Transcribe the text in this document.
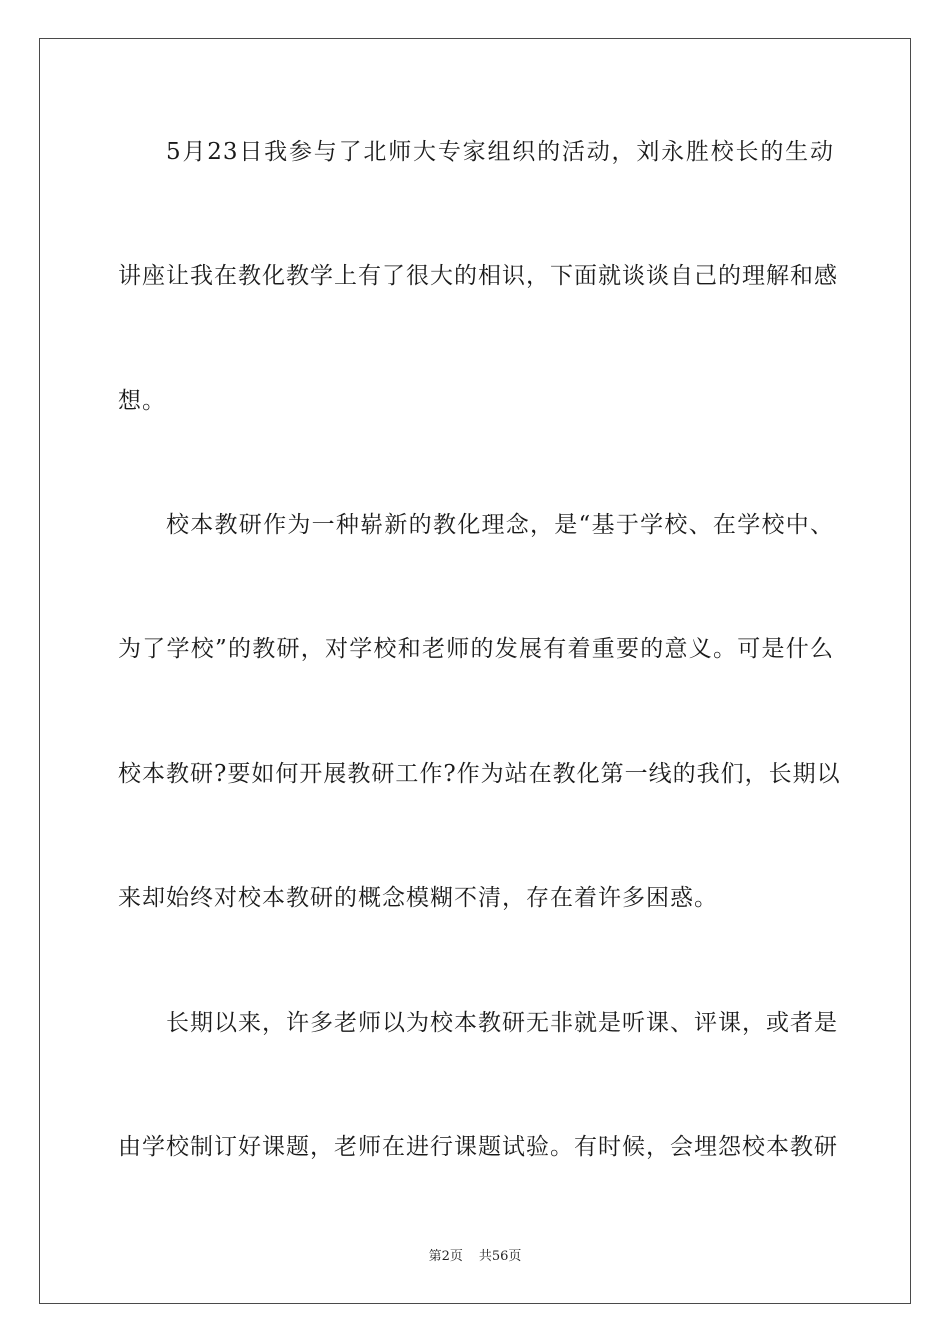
5月23日我参与了北师大专家组织的活动，刘永胜校长的生动
讲座让我在教化教学上有了很大的相识，下面就谈谈自己的理解和感
想。
校本教研作为一种崭新的教化理念，是“基于学校、在学校中、
为了学校”的教研，对学校和老师的发展有着重要的意义。可是什么
校本教研?要如何开展教研工作?作为站在教化第一线的我们，长期以
来却始终对校本教研的概念模糊不清，存在着许多困惑。
长期以来，许多老师以为校本教研无非就是听课、评课，或者是
由学校制订好课题，老师在进行课题试验。有时候，会埋怨校本教研
第2页 共56页
